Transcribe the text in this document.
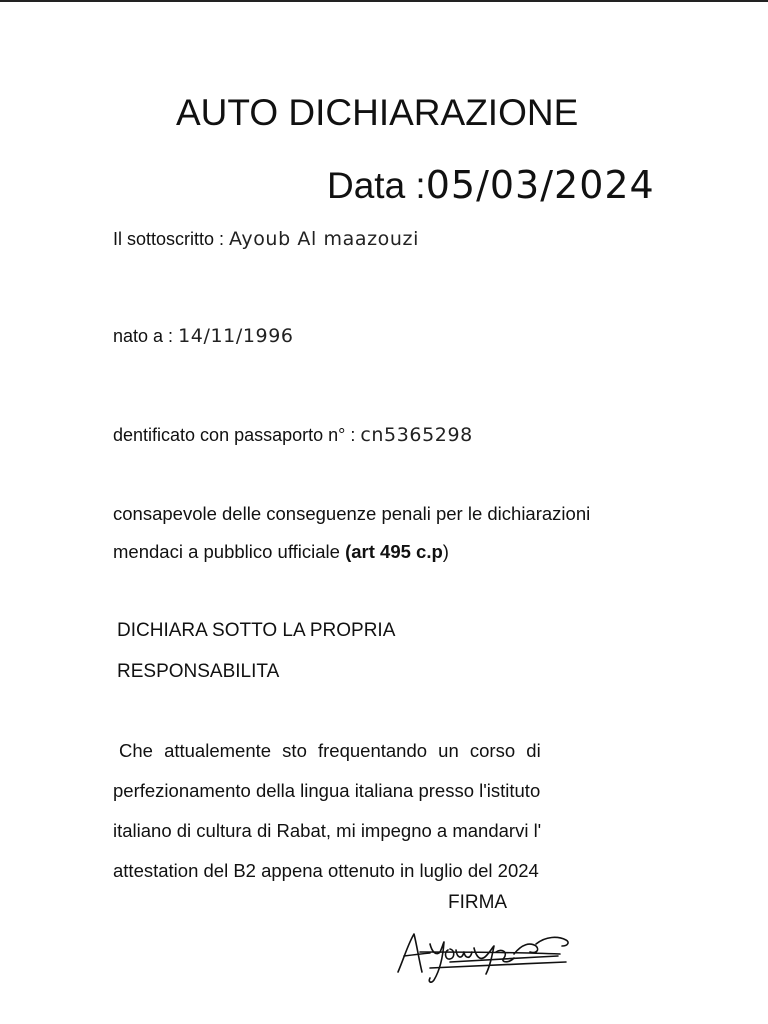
AUTO DICHIARAZIONE
Data :05/03/2024
Il sottoscritto : Ayoub Al maazouzi
nato a : 14/11/1996
dentificato con passaporto n° : cn5365298
consapevole delle conseguenze penali per le dichiarazioni
mendaci a pubblico ufficiale (art 495 c.p)
DICHIARA SOTTO LA PROPRIA
RESPONSABILITA
Che attualemente sto frequentando un corso di
perfezionamento della lingua italiana presso l'istituto
italiano di cultura di Rabat, mi impegno a mandarvi l'
attestation del B2 appena ottenuto in luglio del 2024
FIRMA
